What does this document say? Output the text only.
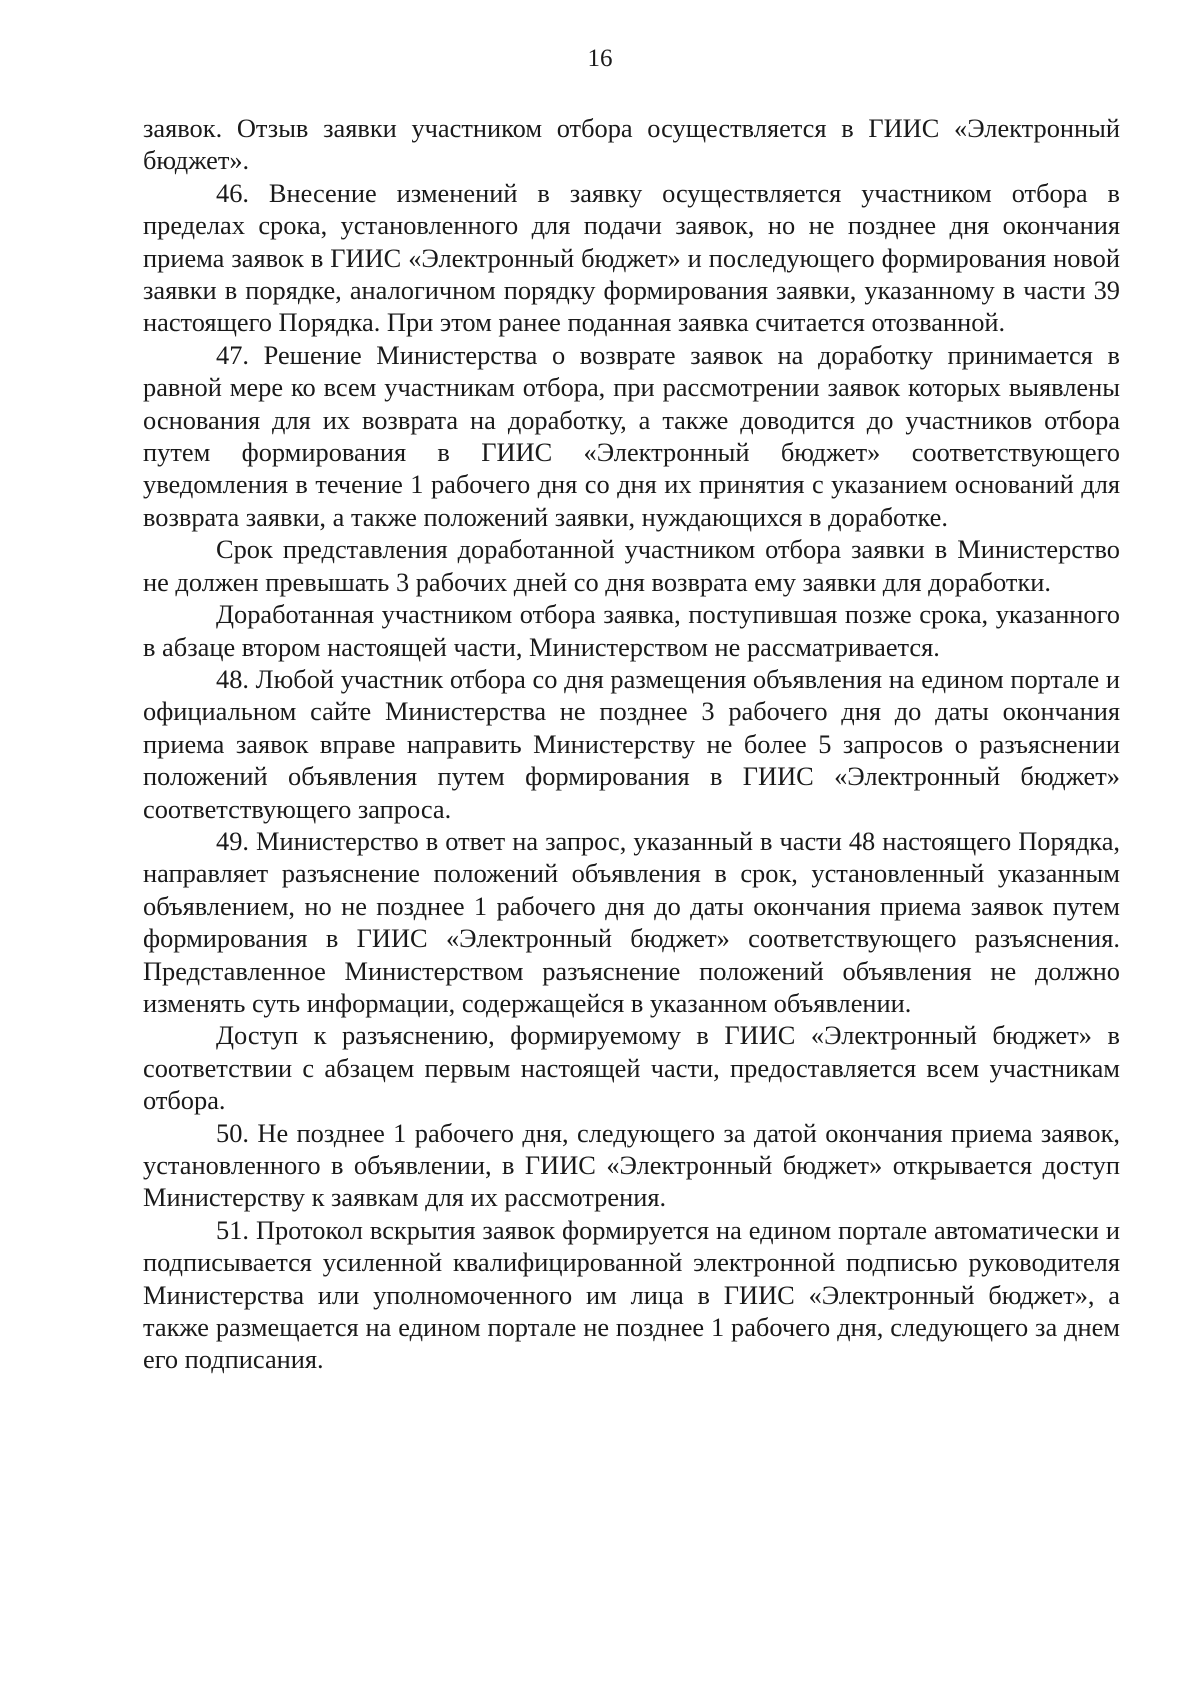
16

заявок. Отзыв заявки участником отбора осуществляется в ГИИС «Электронный бюджет».

46. Внесение изменений в заявку осуществляется участником отбора в пределах срока, установленного для подачи заявок, но не позднее дня окончания приема заявок в ГИИС «Электронный бюджет» и последующего формирования новой заявки в порядке, аналогичном порядку формирования заявки, указанному в части 39 настоящего Порядка. При этом ранее поданная заявка считается отозванной.

47. Решение Министерства о возврате заявок на доработку принимается в равной мере ко всем участникам отбора, при рассмотрении заявок которых выявлены основания для их возврата на доработку, а также доводится до участников отбора путем формирования в ГИИС «Электронный бюджет» соответствующего уведомления в течение 1 рабочего дня со дня их принятия с указанием оснований для возврата заявки, а также положений заявки, нуждающихся в доработке.

Срок представления доработанной участником отбора заявки в Министерство не должен превышать 3 рабочих дней со дня возврата ему заявки для доработки.

Доработанная участником отбора заявка, поступившая позже срока, указанного в абзаце втором настоящей части, Министерством не рассматривается.

48. Любой участник отбора со дня размещения объявления на едином портале и официальном сайте Министерства не позднее 3 рабочего дня до даты окончания приема заявок вправе направить Министерству не более 5 запросов о разъяснении положений объявления путем формирования в ГИИС «Электронный бюджет» соответствующего запроса.

49. Министерство в ответ на запрос, указанный в части 48 настоящего Порядка, направляет разъяснение положений объявления в срок, установленный указанным объявлением, но не позднее 1 рабочего дня до даты окончания приема заявок путем формирования в ГИИС «Электронный бюджет» соответствующего разъяснения. Представленное Министерством разъяснение положений объявления не должно изменять суть информации, содержащейся в указанном объявлении.

Доступ к разъяснению, формируемому в ГИИС «Электронный бюджет» в соответствии с абзацем первым настоящей части, предоставляется всем участникам отбора.

50. Не позднее 1 рабочего дня, следующего за датой окончания приема заявок, установленного в объявлении, в ГИИС «Электронный бюджет» открывается доступ Министерству к заявкам для их рассмотрения.

51. Протокол вскрытия заявок формируется на едином портале автоматически и подписывается усиленной квалифицированной электронной подписью руководителя Министерства или уполномоченного им лица в ГИИС «Электронный бюджет», а также размещается на едином портале не позднее 1 рабочего дня, следующего за днем его подписания.
